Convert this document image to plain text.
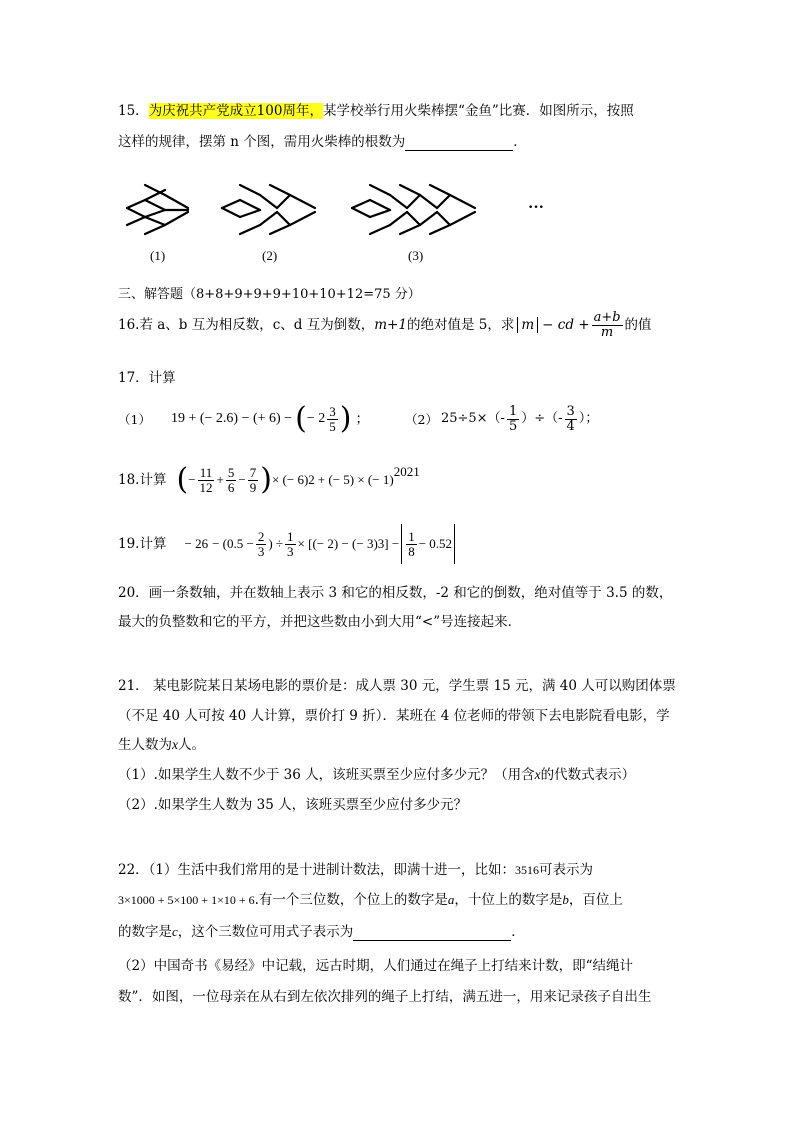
15．为庆祝共产党成立100周年，某学校举行用火柴棒摆“金鱼”比赛．如图所示，按照
这样的规律，摆第 n 个图，需用火柴棒的根数为	．
(1)	(2)	(3)
···
三、解答题（8+8+9+9+9+10+10+12=75 分）
16.若 a、b 互为相反数，c、d 互为倒数， m+1 的绝对值是 5，求 m − cd + $\frac{a+b}{m}$ 的值
17．计算
（1） 19 + (− 2.6) − (+ 6) − ( − $2 \frac{3}{5}$ ) ；	（2） $25\div 5\times(- \frac{1}{5}$ ）÷（- $\frac{3}{4}$ ）；
18.计算 ( − $\frac{11}{12} + \frac{5}{6} - \frac{7}{9}$ ) × (− 6) 2 + (− 5) × (− 1)
2021
19.计算 − 2 $6 - (0.5 - \frac{2}{3}$ ) ÷ $\frac{1}{3}$ × [(− 2) − (− 3) 3 ] − $\frac{1}{8} - 0.5$ 2
20．画一条数轴，并在数轴上表示 3 和它的相反数，-2 和它的倒数，绝对值等于 3.5 的数，
最大的负整数和它的平方，并把这些数由小到大用“<”号连接起来．
21． 某电影院某日某场电影的票价是：成人票 30 元，学生票 15 元，满 40 人可以购团体票
（不足 40 人可按 40 人计算，票价打 9 折）．某班在 4 位老师的带领下去电影院看电影，学
生人数为x人。
（1）.如果学生人数不少于 36 人，该班买票至少应付多少元？（用含x的代数式表示）
（2）.如果学生人数为 35 人，该班买票至少应付多少元？
22．（1）生活中我们常用的是十进制计数法，即满十进一，比如：3516可表示为
3×1000 + 5×100 + 1×10 + 6.有一个三位数，个位上的数字是a，十位上的数字是b，百位上
的数字是c，这个三数位可用式子表示为	．
（2）中国奇书《易经》中记载，远古时期，人们通过在绳子上打结来计数，即“结绳计
数”．如图，一位母亲在从右到左依次排列的绳子上打结，满五进一，用来记录孩子自出生
